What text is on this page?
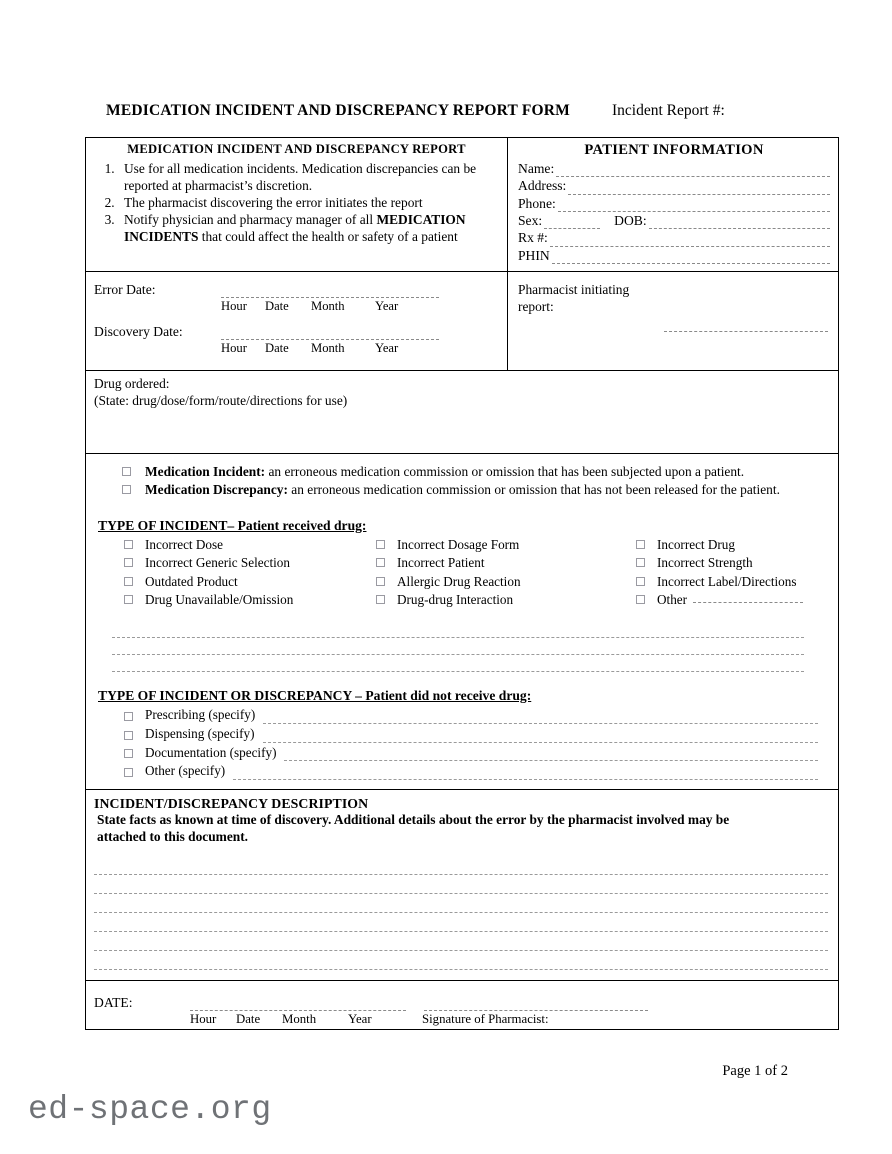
MEDICATION INCIDENT AND DISCREPANCY REPORT FORM	Incident Report #:
MEDICATION INCIDENT AND DISCREPANCY REPORT
1. Use for all medication incidents. Medication discrepancies can be reported at pharmacist’s discretion.
2. The pharmacist discovering the error initiates the report
3. Notify physician and pharmacy manager of all MEDICATION INCIDENTS that could affect the health or safety of a patient
PATIENT INFORMATION
Name:
Address:
Phone:
Sex:	DOB:
Rx #:
PHIN
Error Date:
Hour	Date	Month	Year
Discovery Date:
Hour	Date	Month	Year
Pharmacist initiating
report:
Drug ordered:
(State: drug/dose/form/route/directions for use)
Medication Incident: an erroneous medication commission or omission that has been subjected upon a patient.
Medication Discrepancy: an erroneous medication commission or omission that has not been released for the patient.
TYPE OF INCIDENT– Patient received drug:
Incorrect Dose	Incorrect Dosage Form	Incorrect Drug
Incorrect Generic Selection	Incorrect Patient	Incorrect Strength
Outdated Product	Allergic Drug Reaction	Incorrect Label/Directions
Drug Unavailable/Omission	Drug-drug Interaction	Other
TYPE OF INCIDENT OR DISCREPANCY – Patient did not receive drug:
Prescribing (specify)
Dispensing (specify)
Documentation (specify)
Other (specify)
INCIDENT/DISCREPANCY DESCRIPTION
State facts as known at time of discovery. Additional details about the error by the pharmacist involved may be
attached to this document.
DATE:
Hour	Date	Month	Year	Signature of Pharmacist:
Page 1 of 2
ed-space.org
